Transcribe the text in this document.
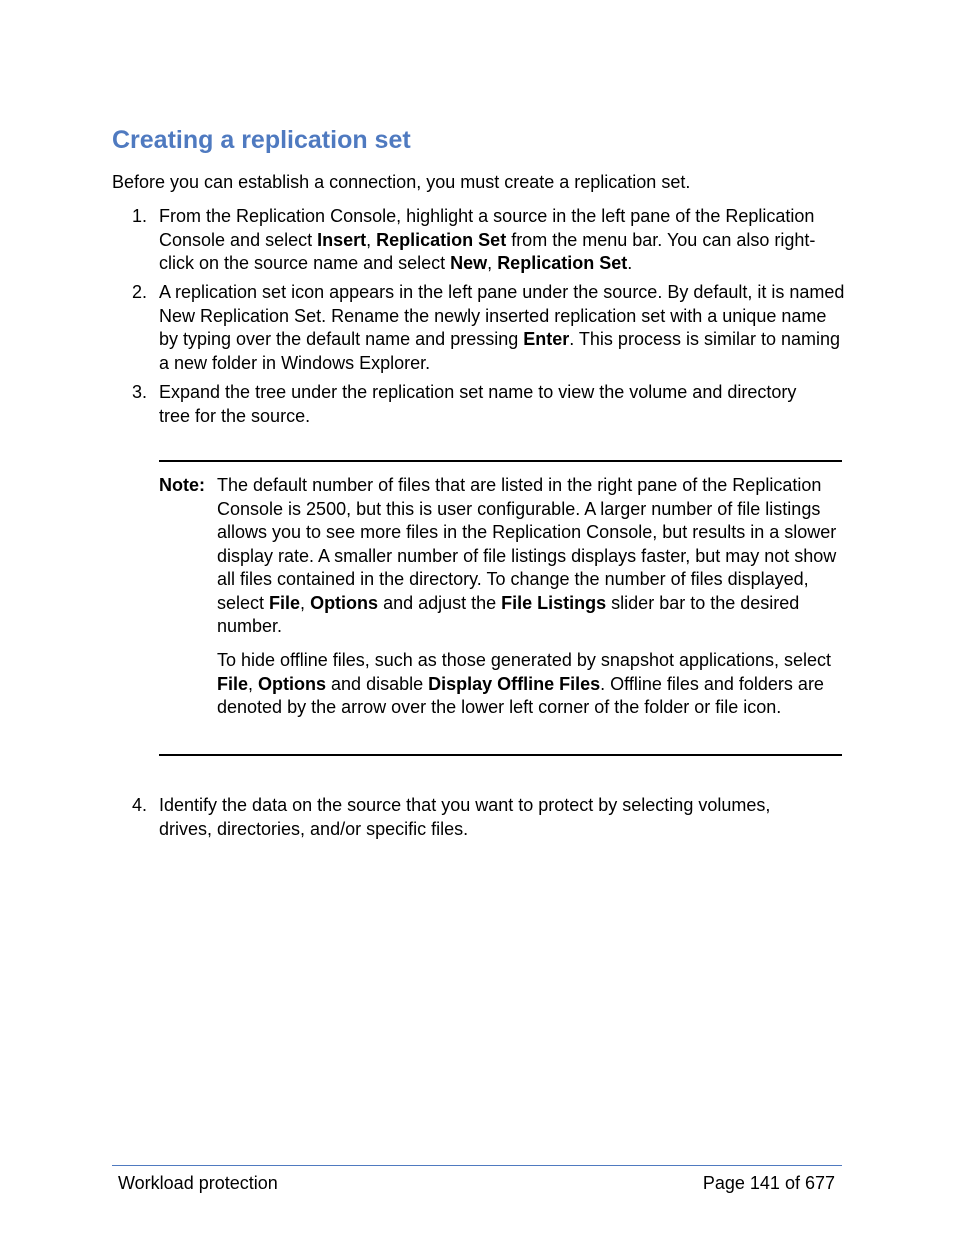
Creating a replication set

Before you can establish a connection, you must create a replication set.

1. From the Replication Console, highlight a source in the left pane of the Replication Console and select Insert, Replication Set from the menu bar. You can also right-click on the source name and select New, Replication Set.
2. A replication set icon appears in the left pane under the source. By default, it is named New Replication Set. Rename the newly inserted replication set with a unique name by typing over the default name and pressing Enter. This process is similar to naming a new folder in Windows Explorer.
3. Expand the tree under the replication set name to view the volume and directory tree for the source.
Note: The default number of files that are listed in the right pane of the Replication Console is 2500, but this is user configurable. A larger number of file listings allows you to see more files in the Replication Console, but results in a slower display rate. A smaller number of file listings displays faster, but may not show all files contained in the directory. To change the number of files displayed, select File, Options and adjust the File Listings slider bar to the desired number.
To hide offline files, such as those generated by snapshot applications, select File, Options and disable Display Offline Files. Offline files and folders are denoted by the arrow over the lower left corner of the folder or file icon.
4. Identify the data on the source that you want to protect by selecting volumes, drives, directories, and/or specific files.
Workload protection	Page 141 of 677
